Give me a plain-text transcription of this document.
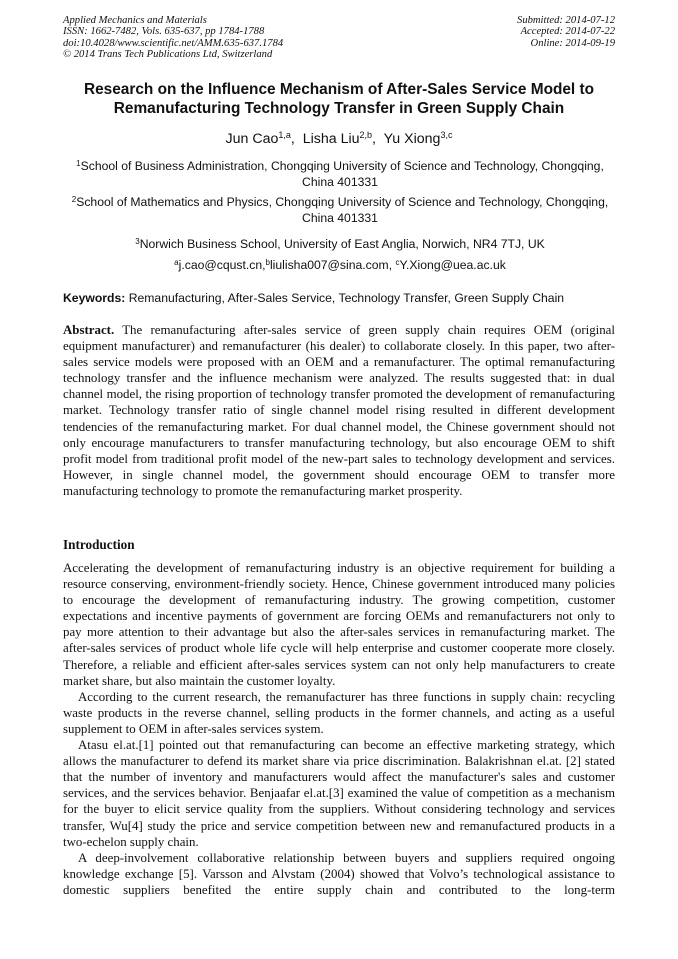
Applied Mechanics and Materials
ISSN: 1662-7482, Vols. 635-637, pp 1784-1788
doi:10.4028/www.scientific.net/AMM.635-637.1784
© 2014 Trans Tech Publications Ltd, Switzerland
Submitted: 2014-07-12
Accepted: 2014-07-22
Online: 2014-09-19
Research on the Influence Mechanism of After-Sales Service Model to
Remanufacturing Technology Transfer in Green Supply Chain
Jun Cao$^{1,a}$,  Lisha Liu$^{2,b}$,  Yu Xiong$^{3,c}$
$^1$School of Business Administration, Chongqing University of Science and Technology, Chongqing,
China 401331
$^2$School of Mathematics and Physics, Chongqing University of Science and Technology, Chongqing,
China 401331
$^3$Norwich Business School, University of East Anglia, Norwich, NR4 7TJ, UK
$^a$j.cao@cqust.cn,$^b$liulisha007@sina.com, $^c$Y.Xiong@uea.ac.uk
Keywords: Remanufacturing, After-Sales Service, Technology Transfer, Green Supply Chain
Abstract. The remanufacturing after-sales service of green supply chain requires OEM (original equipment manufacturer) and remanufacturer (his dealer) to collaborate closely. In this paper, two after-sales service models were proposed with an OEM and a remanufacturer. The optimal remanufacturing technology transfer and the influence mechanism were analyzed. The results suggested that: in dual channel model, the rising proportion of technology transfer promoted the development of remanufacturing market. Technology transfer ratio of single channel model rising resulted in different development tendencies of the remanufacturing market. For dual channel model, the Chinese government should not only encourage manufacturers to transfer manufacturing technology, but also encourage OEM to shift profit model from traditional profit model of the new-part sales to technology development and services. However, in single channel model, the government should encourage OEM to transfer more manufacturing technology to promote the remanufacturing market prosperity.
Introduction

Accelerating the development of remanufacturing industry is an objective requirement for building a resource conserving, environment-friendly society. Hence, Chinese government introduced many policies to encourage the development of remanufacturing industry. The growing competition, customer expectations and incentive payments of government are forcing OEMs and remanufacturers not only to pay more attention to their advantage but also the after-sales services in remanufacturing market. The after-sales services of product whole life cycle will help enterprise and customer cooperate more closely. Therefore, a reliable and efficient after-sales services system can not only help manufacturers to create market share, but also maintain the customer loyalty.

According to the current research, the remanufacturer has three functions in supply chain: recycling waste products in the reverse channel, selling products in the former channels, and acting as a useful supplement to OEM in after-sales services system.

Atasu el.at.[1] pointed out that remanufacturing can become an effective marketing strategy, which allows the manufacturer to defend its market share via price discrimination. Balakrishnan el.at. [2] stated that the number of inventory and manufacturers would affect the manufacturer's sales and customer services, and the services behavior. Benjaafar el.at.[3] examined the value of competition as a mechanism for the buyer to elicit service quality from the suppliers. Without considering technology and services transfer, Wu[4] study the price and service competition between new and remanufactured products in a two-echelon supply chain.

A deep-involvement collaborative relationship between buyers and suppliers required ongoing knowledge exchange [5]. Varsson and Alvstam (2004) showed that Volvo’s technological assistance to domestic suppliers benefited the entire supply chain and contributed to the long-term
